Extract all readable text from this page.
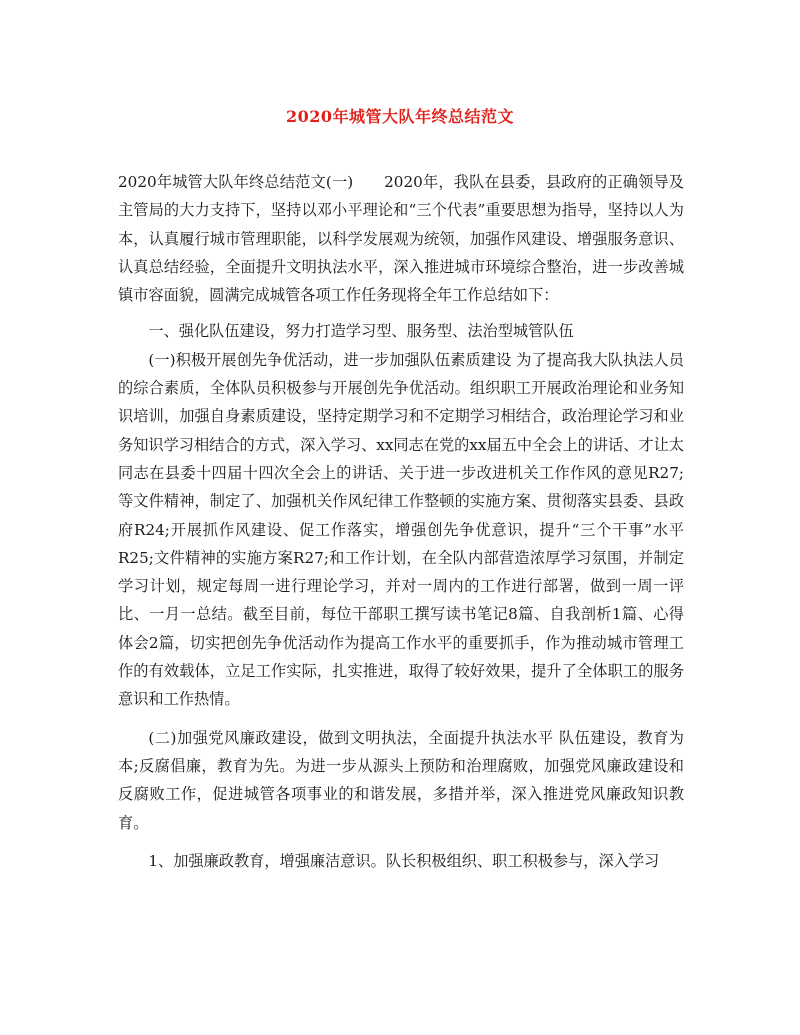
2020年城管大队年终总结范文

2020年城管大队年终总结范文(一)　　2020年，我队在县委，县政府的正确领导及主管局的大力支持下，坚持以邓小平理论和“三个代表”重要思想为指导，坚持以人为本，认真履行城市管理职能，以科学发展观为统领，加强作风建设、增强服务意识、认真总结经验，全面提升文明执法水平，深入推进城市环境综合整治，进一步改善城镇市容面貌，圆满完成城管各项工作任务现将全年工作总结如下：

一、强化队伍建设，努力打造学习型、服务型、法治型城管队伍

(一)积极开展创先争优活动，进一步加强队伍素质建设 为了提高我大队执法人员的综合素质，全体队员积极参与开展创先争优活动。组织职工开展政治理论和业务知识培训，加强自身素质建设，坚持定期学习和不定期学习相结合，政治理论学习和业务知识学习相结合的方式，深入学习、xx同志在党的xx届五中全会上的讲话、才让太同志在县委十四届十四次全会上的讲话、关于进一步改进机关工作作风的意见R27;等文件精神，制定了、加强机关作风纪律工作整顿的实施方案、贯彻落实县委、县政府R24;开展抓作风建设、促工作落实，增强创先争优意识，提升“三个干事”水平R25;文件精神的实施方案R27;和工作计划，在全队内部营造浓厚学习氛围，并制定学习计划，规定每周一进行理论学习，并对一周内的工作进行部署，做到一周一评比、一月一总结。截至目前，每位干部职工撰写读书笔记8篇、自我剖析1篇、心得体会2篇，切实把创先争优活动作为提高工作水平的重要抓手，作为推动城市管理工作的有效载体，立足工作实际，扎实推进，取得了较好效果，提升了全体职工的服务意识和工作热情。

(二)加强党风廉政建设，做到文明执法，全面提升执法水平 队伍建设，教育为本;反腐倡廉，教育为先。为进一步从源头上预防和治理腐败，加强党风廉政建设和反腐败工作，促进城管各项事业的和谐发展，多措并举，深入推进党风廉政知识教育。

1、加强廉政教育，增强廉洁意识。队长积极组织、职工积极参与，深入学习
